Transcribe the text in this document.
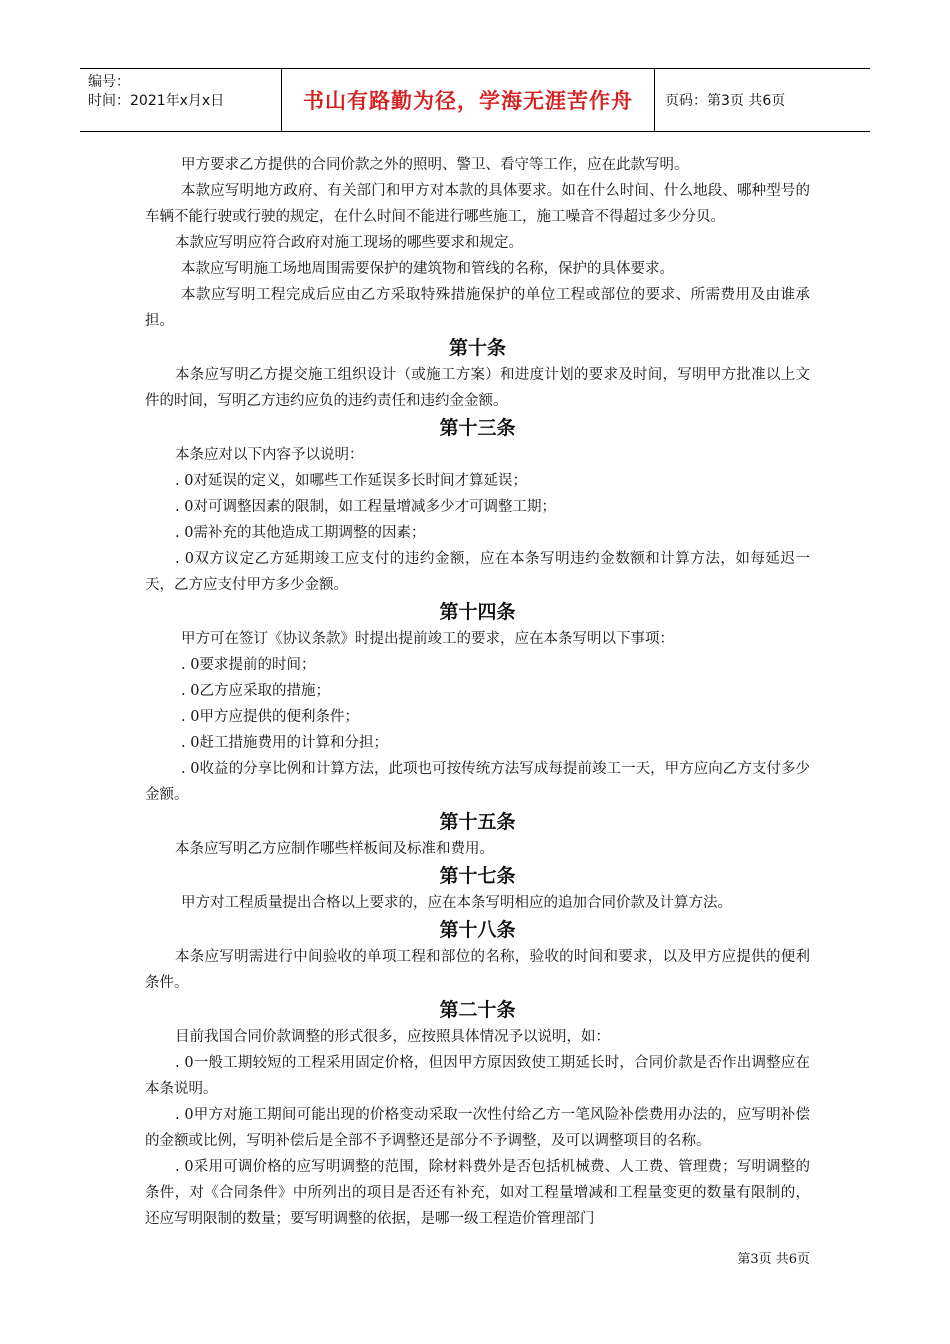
编号：
时间：2021年x月x日	书山有路勤为径，学海无涯苦作舟	页码：第3页 共6页

甲方要求乙方提供的合同价款之外的照明、警卫、看守等工作，应在此款写明。

本款应写明地方政府、有关部门和甲方对本款的具体要求。如在什么时间、什么地段、哪种型号的车辆不能行驶或行驶的规定，在什么时间不能进行哪些施工，施工噪音不得超过多少分贝。

本款应写明应符合政府对施工现场的哪些要求和规定。

本款应写明施工场地周围需要保护的建筑物和管线的名称，保护的具体要求。

本款应写明工程完成后应由乙方采取特殊措施保护的单位工程或部位的要求、所需费用及由谁承担。

第十条

本条应写明乙方提交施工组织设计（或施工方案）和进度计划的要求及时间，写明甲方批准以上文件的时间，写明乙方违约应负的违约责任和违约金金额。

第十三条

本条应对以下内容予以说明：

. 0对延误的定义，如哪些工作延误多长时间才算延误；

. 0对可调整因素的限制，如工程量增减多少才可调整工期；

. 0需补充的其他造成工期调整的因素；

. 0双方议定乙方延期竣工应支付的违约金额，应在本条写明违约金数额和计算方法，如每延迟一天，乙方应支付甲方多少金额。

第十四条

甲方可在签订《协议条款》时提出提前竣工的要求，应在本条写明以下事项：

. 0要求提前的时间；

. 0乙方应采取的措施；

. 0甲方应提供的便利条件；

. 0赶工措施费用的计算和分担；

. 0收益的分享比例和计算方法，此项也可按传统方法写成每提前竣工一天，甲方应向乙方支付多少金额。

第十五条

本条应写明乙方应制作哪些样板间及标准和费用。

第十七条

甲方对工程质量提出合格以上要求的，应在本条写明相应的追加合同价款及计算方法。

第十八条

本条应写明需进行中间验收的单项工程和部位的名称，验收的时间和要求，以及甲方应提供的便利条件。

第二十条

目前我国合同价款调整的形式很多，应按照具体情况予以说明，如：

. 0一般工期较短的工程采用固定价格，但因甲方原因致使工期延长时，合同价款是否作出调整应在本条说明。

. 0甲方对施工期间可能出现的价格变动采取一次性付给乙方一笔风险补偿费用办法的，应写明补偿的金额或比例，写明补偿后是全部不予调整还是部分不予调整，及可以调整项目的名称。

. 0采用可调价格的应写明调整的范围，除材料费外是否包括机械费、人工费、管理费；写明调整的条件，对《合同条件》中所列出的项目是否还有补充，如对工程量增减和工程量变更的数量有限制的，还应写明限制的数量；要写明调整的依据，是哪一级工程造价管理部门

第3页 共6页
